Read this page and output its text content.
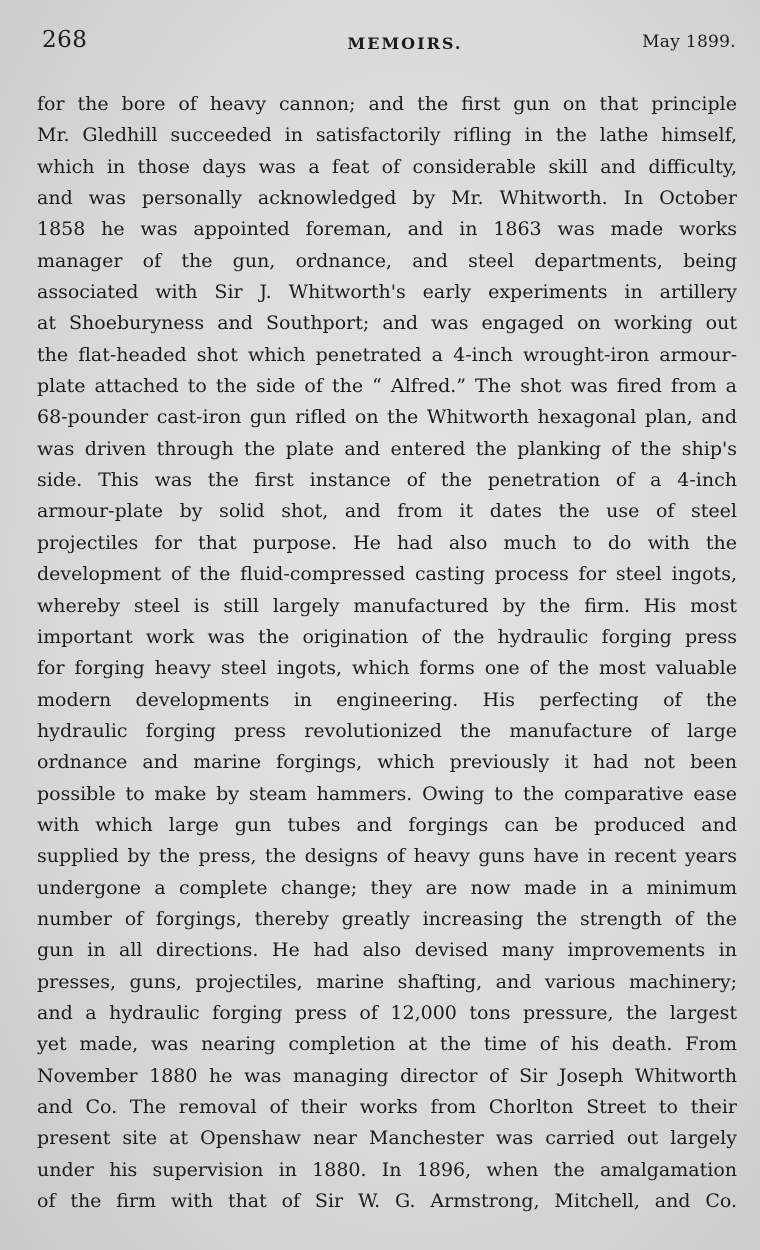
268	MEMOIRS.	May 1899.
for the bore of heavy cannon; and the first gun on that principle
Mr. Gledhill succeeded in satisfactorily rifling in the lathe himself,
which in those days was a feat of considerable skill and difficulty,
and was personally acknowledged by Mr. Whitworth. In October
1858 he was appointed foreman, and in 1863 was made works
manager of the gun, ordnance, and steel departments, being
associated with Sir J. Whitworth's early experiments in artillery
at Shoeburyness and Southport; and was engaged on working out
the flat-headed shot which penetrated a 4-inch wrought-iron armour-
plate attached to the side of the “ Alfred.” The shot was fired from a
68-pounder cast-iron gun rifled on the Whitworth hexagonal plan, and
was driven through the plate and entered the planking of the ship's
side. This was the first instance of the penetration of a 4-inch
armour-plate by solid shot, and from it dates the use of steel
projectiles for that purpose. He had also much to do with the
development of the fluid-compressed casting process for steel ingots,
whereby steel is still largely manufactured by the firm. His most
important work was the origination of the hydraulic forging press
for forging heavy steel ingots, which forms one of the most valuable
modern developments in engineering. His perfecting of the
hydraulic forging press revolutionized the manufacture of large
ordnance and marine forgings, which previously it had not been
possible to make by steam hammers. Owing to the comparative ease
with which large gun tubes and forgings can be produced and
supplied by the press, the designs of heavy guns have in recent years
undergone a complete change; they are now made in a minimum
number of forgings, thereby greatly increasing the strength of the
gun in all directions. He had also devised many improvements in
presses, guns, projectiles, marine shafting, and various machinery;
and a hydraulic forging press of 12,000 tons pressure, the largest
yet made, was nearing completion at the time of his death. From
November 1880 he was managing director of Sir Joseph Whitworth
and Co. The removal of their works from Chorlton Street to their
present site at Openshaw near Manchester was carried out largely
under his supervision in 1880. In 1896, when the amalgamation
of the firm with that of Sir W. G. Armstrong, Mitchell, and Co.
